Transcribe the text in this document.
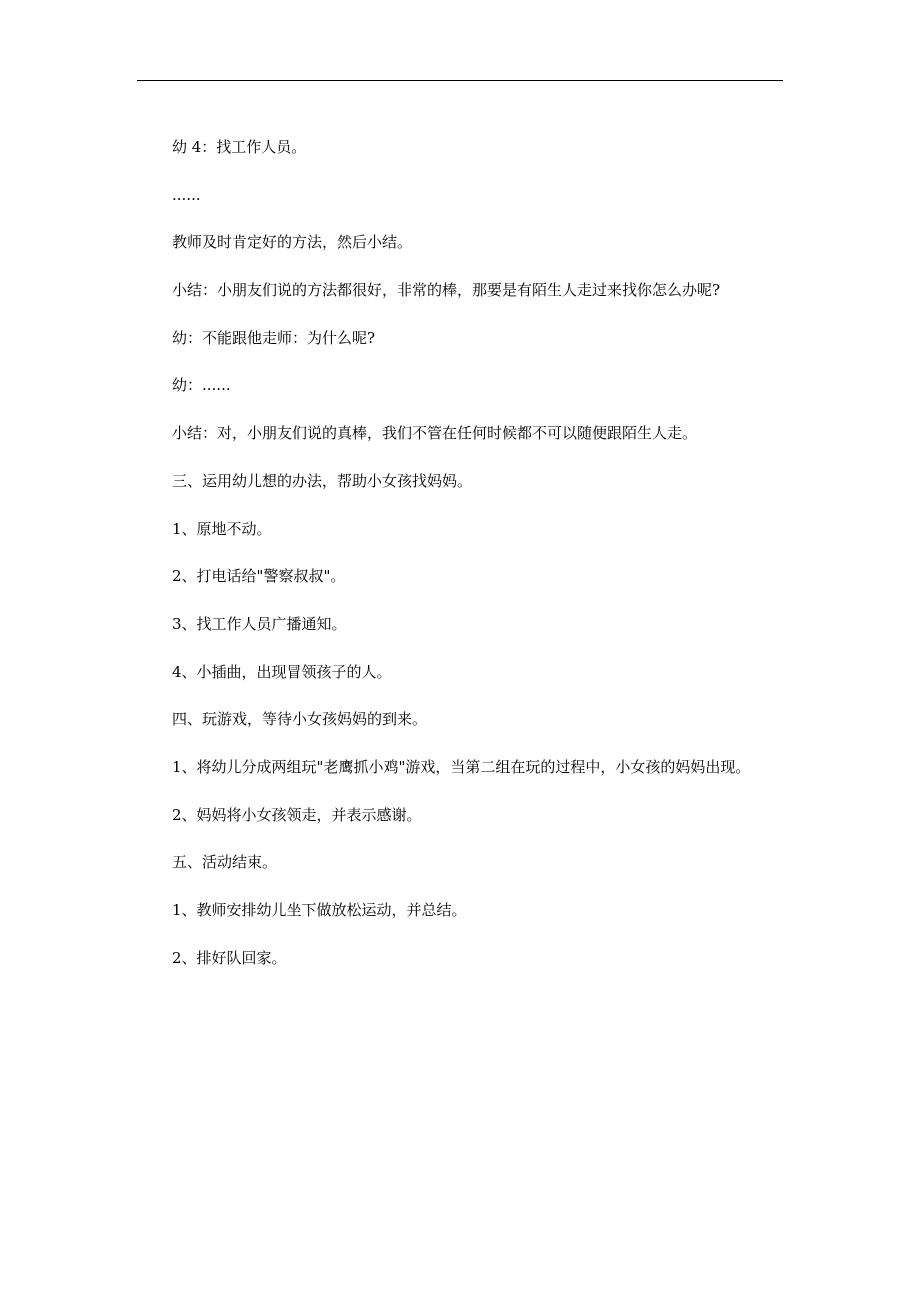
幼 4：找工作人员。
......
教师及时肯定好的方法，然后小结。
小结：小朋友们说的方法都很好，非常的棒，那要是有陌生人走过来找你怎么办呢?
幼：不能跟他走师：为什么呢?
幼：......
小结：对，小朋友们说的真棒，我们不管在任何时候都不可以随便跟陌生人走。
三、运用幼儿想的办法，帮助小女孩找妈妈。
1、原地不动。
2、打电话给"警察叔叔"。
3、找工作人员广播通知。
4、小插曲，出现冒领孩子的人。
四、玩游戏，等待小女孩妈妈的到来。
1、将幼儿分成两组玩"老鹰抓小鸡"游戏，当第二组在玩的过程中，小女孩的妈妈出现。
2、妈妈将小女孩领走，并表示感谢。
五、活动结束。
1、教师安排幼儿坐下做放松运动，并总结。
2、排好队回家。
